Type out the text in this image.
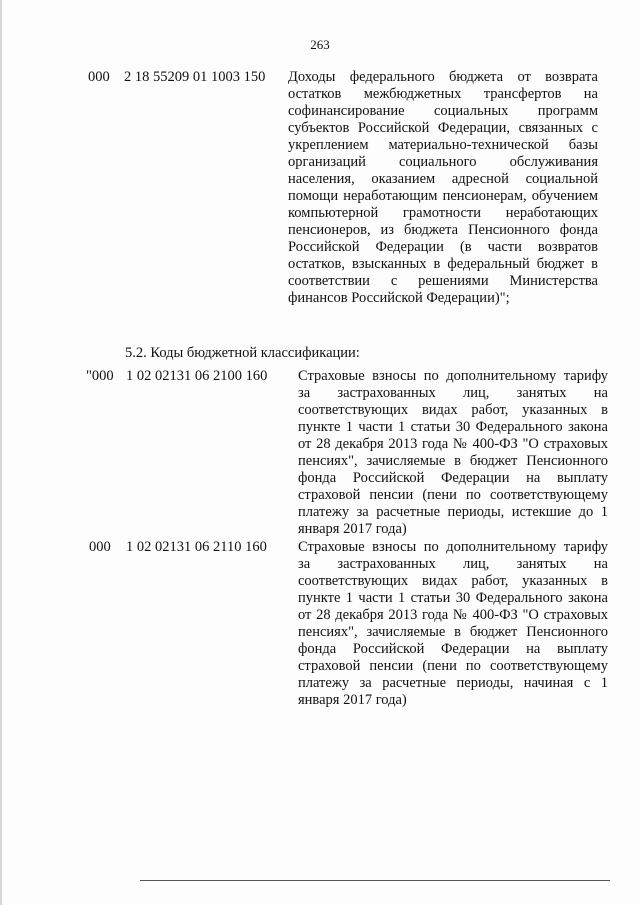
263
000 2 18 55209 01 1003 150 Доходы федерального бюджета от возврата остатков межбюджетных трансфертов на софинансирование социальных программ субъектов Российской Федерации, связанных с укреплением материально-технической базы организаций социального обслуживания населения, оказанием адресной социальной помощи неработающим пенсионерам, обучением компьютерной грамотности неработающих пенсионеров, из бюджета Пенсионного фонда Российской Федерации (в части возвратов остатков, взысканных в федеральный бюджет в соответствии с решениями Министерства финансов Российской Федерации)";
5.2. Коды бюджетной классификации:
"000 1 02 02131 06 2100 160 Страховые взносы по дополнительному тарифу за застрахованных лиц, занятых на соответствующих видах работ, указанных в пункте 1 части 1 статьи 30 Федерального закона от 28 декабря 2013 года № 400-ФЗ "О страховых пенсиях", зачисляемые в бюджет Пенсионного фонда Российской Федерации на выплату страховой пенсии (пени по соответствующему платежу за расчетные периоды, истекшие до 1 января 2017 года)
000 1 02 02131 06 2110 160 Страховые взносы по дополнительному тарифу за застрахованных лиц, занятых на соответствующих видах работ, указанных в пункте 1 части 1 статьи 30 Федерального закона от 28 декабря 2013 года № 400-ФЗ "О страховых пенсиях", зачисляемые в бюджет Пенсионного фонда Российской Федерации на выплату страховой пенсии (пени по соответствующему платежу за расчетные периоды, начиная с 1 января 2017 года)
